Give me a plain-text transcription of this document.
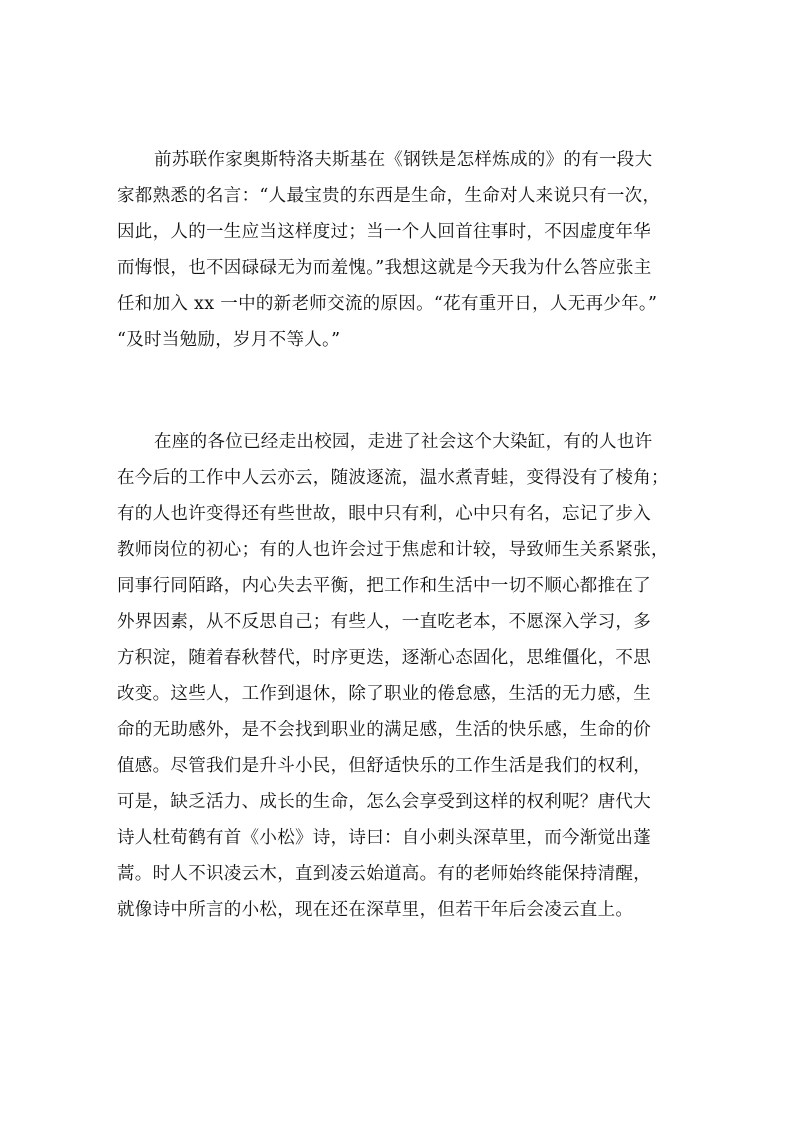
前苏联作家奥斯特洛夫斯基在《钢铁是怎样炼成的》的有一段大
家都熟悉的名言：“人最宝贵的东西是生命，生命对人来说只有一次，
因此，人的一生应当这样度过；当一个人回首往事时，不因虚度年华
而悔恨，也不因碌碌无为而羞愧。”我想这就是今天我为什么答应张主
任和加入 xx 一中的新老师交流的原因。“花有重开日，人无再少年。”
“及时当勉励，岁月不等人。”
在座的各位已经走出校园，走进了社会这个大染缸，有的人也许
在今后的工作中人云亦云，随波逐流，温水煮青蛙，变得没有了棱角；
有的人也许变得还有些世故，眼中只有利，心中只有名，忘记了步入
教师岗位的初心；有的人也许会过于焦虑和计较，导致师生关系紧张，
同事行同陌路，内心失去平衡，把工作和生活中一切不顺心都推在了
外界因素，从不反思自己；有些人，一直吃老本，不愿深入学习，多
方积淀，随着春秋替代，时序更迭，逐渐心态固化，思维僵化，不思
改变。这些人，工作到退休，除了职业的倦怠感，生活的无力感，生
命的无助感外，是不会找到职业的满足感，生活的快乐感，生命的价
值感。尽管我们是升斗小民，但舒适快乐的工作生活是我们的权利，
可是，缺乏活力、成长的生命，怎么会享受到这样的权利呢？唐代大
诗人杜荀鹤有首《小松》诗，诗曰：自小刺头深草里，而今渐觉出蓬
蒿。时人不识凌云木，直到凌云始道高。有的老师始终能保持清醒，
就像诗中所言的小松，现在还在深草里，但若干年后会凌云直上。
